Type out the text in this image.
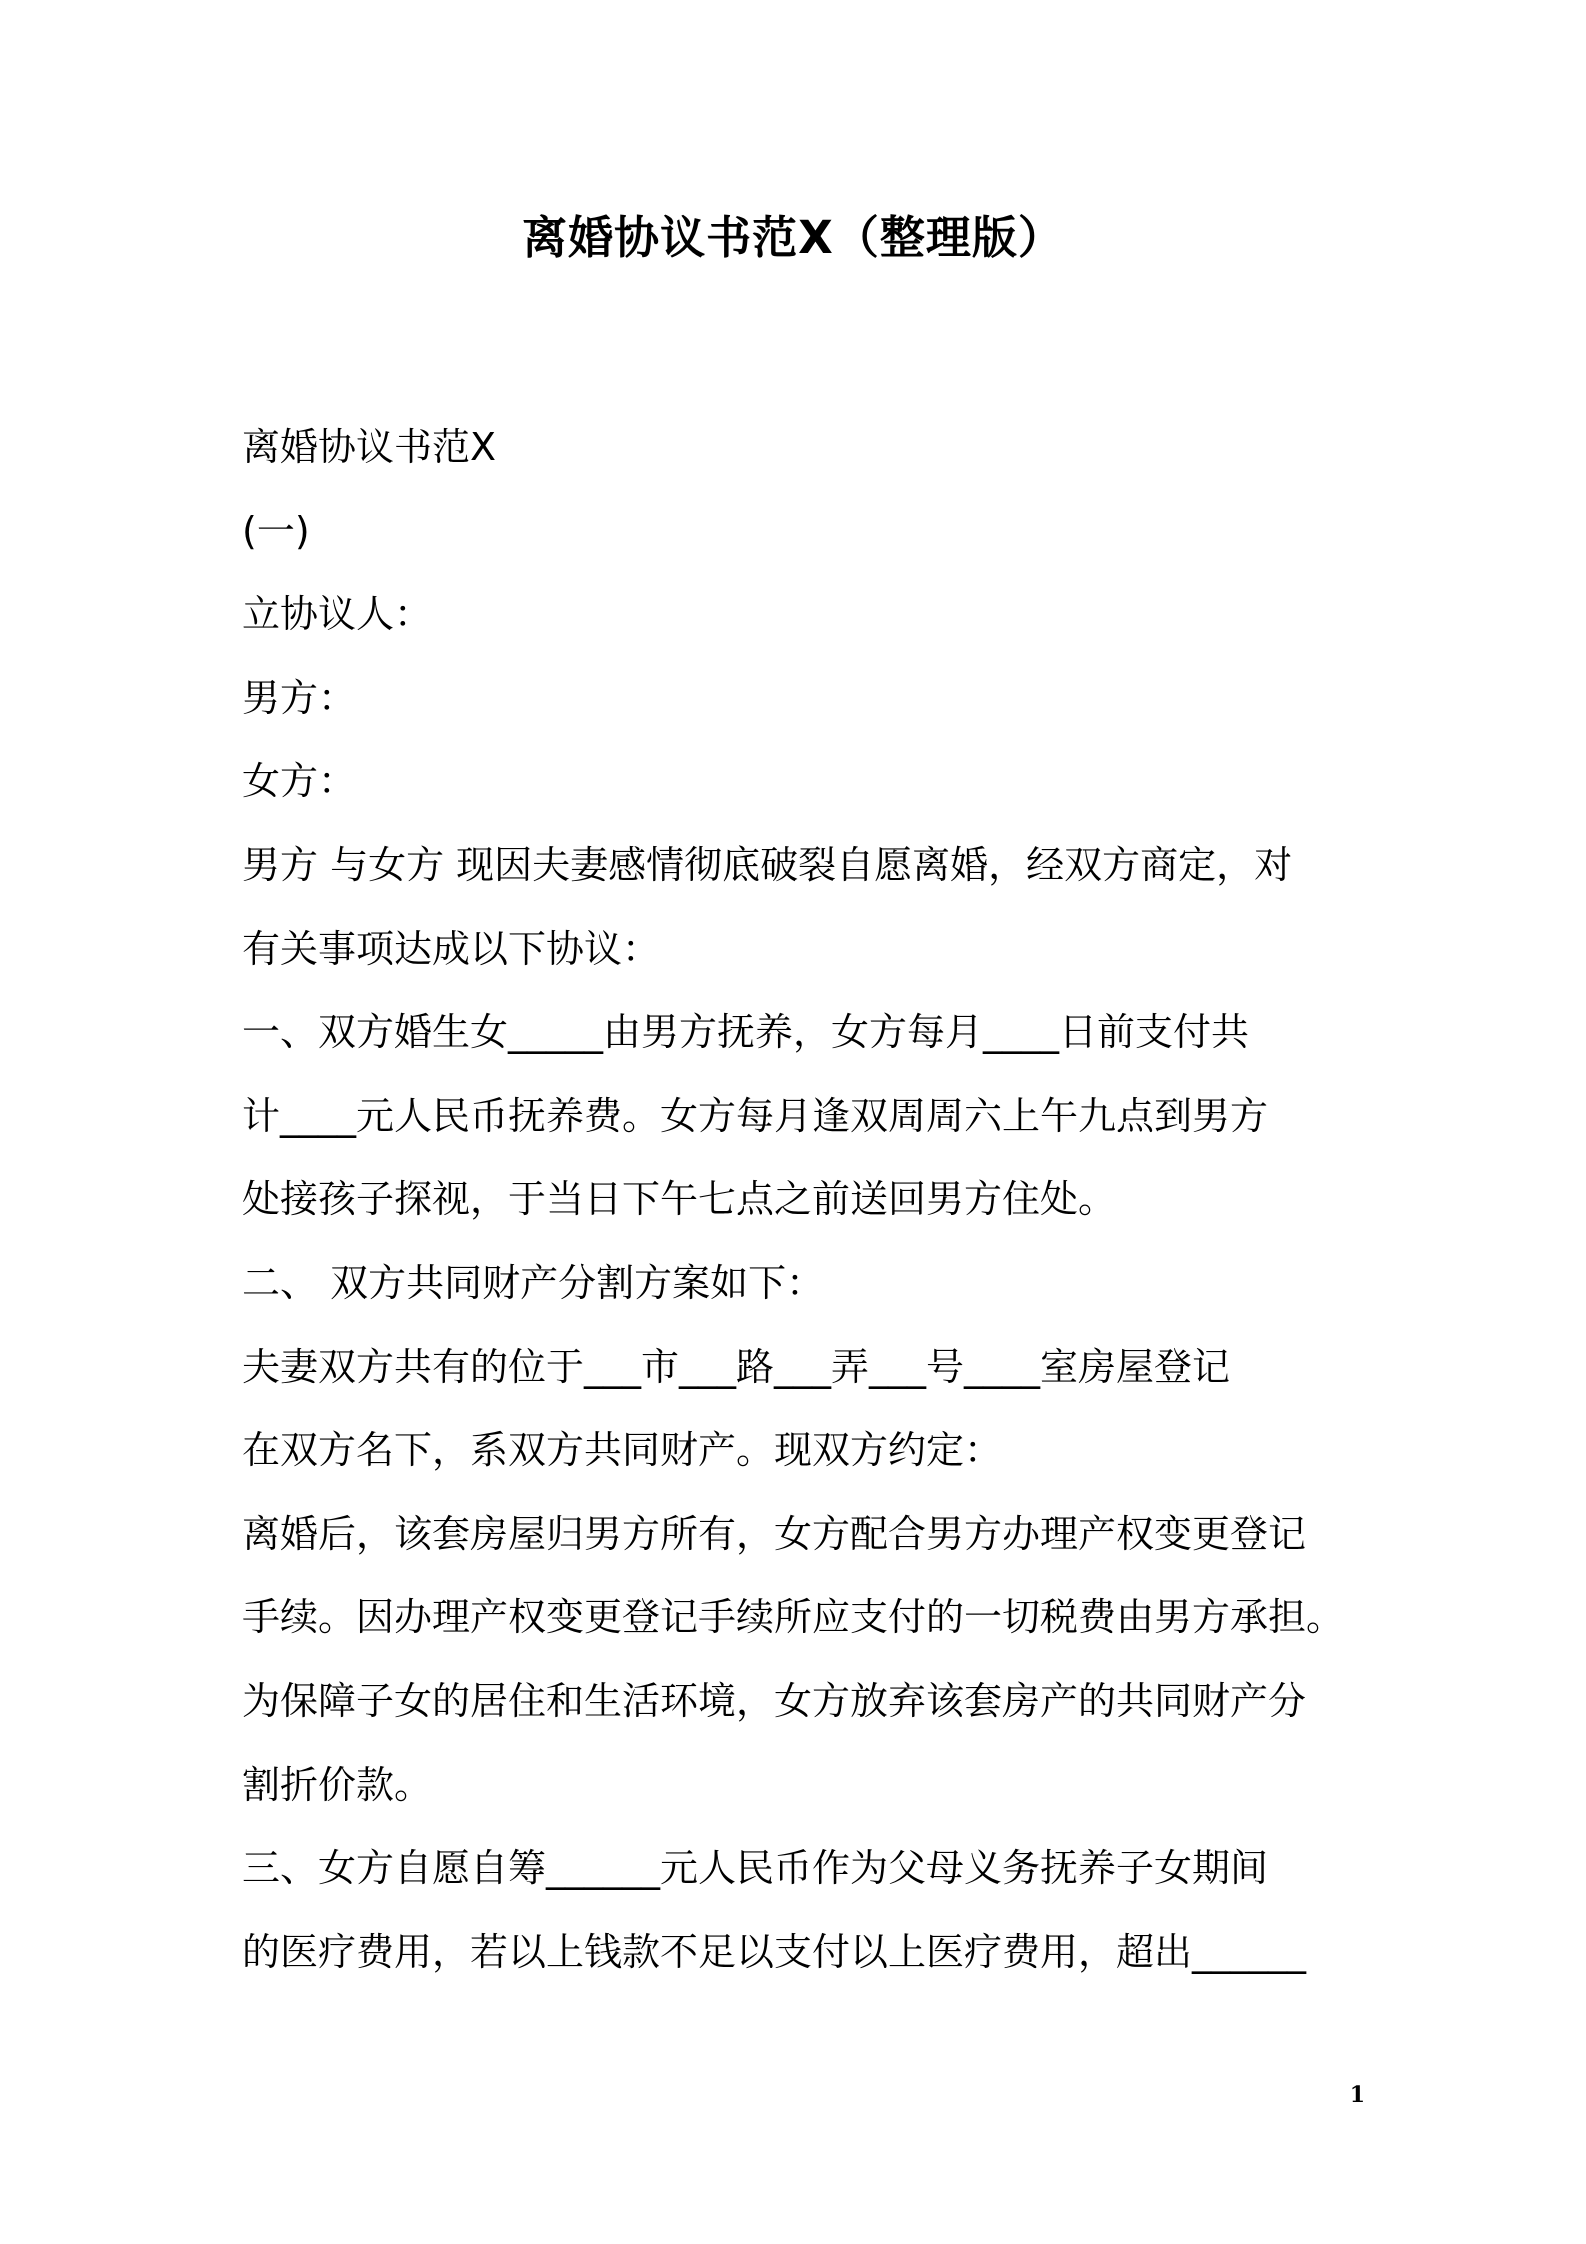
离婚协议书范X（整理版）
离婚协议书范X
(一)
立协议人：
男方：
女方：
男方 与女方 现因夫妻感情彻底破裂自愿离婚，经双方商定，对
有关事项达成以下协议：
一、双方婚生女_____由男方抚养，女方每月____日前支付共
计____元人民币抚养费。女方每月逢双周周六上午九点到男方
处接孩子探视，于当日下午七点之前送回男方住处。
二、 双方共同财产分割方案如下：
夫妻双方共有的位于___市___路___弄___号____室房屋登记
在双方名下，系双方共同财产。现双方约定：
离婚后，该套房屋归男方所有，女方配合男方办理产权变更登记
手续。因办理产权变更登记手续所应支付的一切税费由男方承担。
为保障子女的居住和生活环境，女方放弃该套房产的共同财产分
割折价款。
三、女方自愿自筹______元人民币作为父母义务抚养子女期间
的医疗费用，若以上钱款不足以支付以上医疗费用，超出______
1
